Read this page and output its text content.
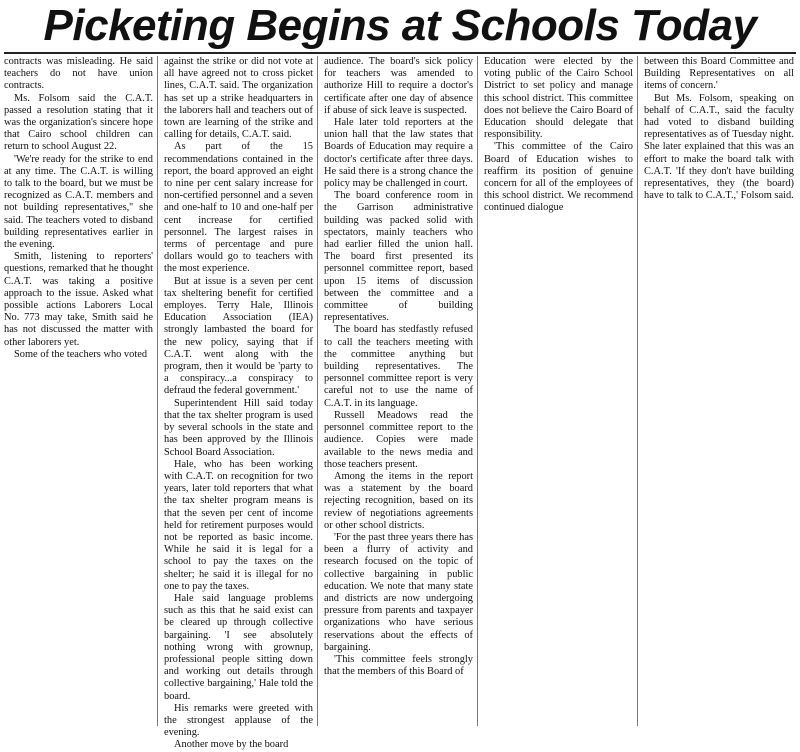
Picketing Begins at Schools Today

contracts was misleading. He said teachers do not have union contracts.

Ms. Folsom said the C.A.T. passed a resolution stating that it was the organization's sincere hope that Cairo school children can return to school August 22.

'We're ready for the strike to end at any time. The C.A.T. is willing to talk to the board, but we must be recognized as C.A.T. members and not building representatives,'' she said. The teachers voted to disband building representatives earlier in the evening.

Smith, listening to reporters' questions, remarked that he thought C.A.T. was taking a positive approach to the issue. Asked what possible actions Laborers Local No. 773 may take, Smith said he has not discussed the matter with other laborers yet.

Some of the teachers who voted

against the strike or did not vote at all have agreed not to cross picket lines, C.A.T. said. The organization has set up a strike headquarters in the laborers hall and teachers out of town are learning of the strike and calling for details, C.A.T. said.

As part of the 15 recommendations contained in the report, the board approved an eight to nine per cent salary increase for non-certified personnel and a seven and one-half to 10 and one-half per cent increase for certified personnel. The largest raises in terms of percentage and pure dollars would go to teachers with the most experience.

But at issue is a seven per cent tax sheltering benefit for certified employes. Terry Hale, Illinois Education Association (IEA) strongly lambasted the board for the new policy, saying that if C.A.T. went along with the program, then it would be 'party to a conspiracy...a conspiracy to defraud the federal government.'

Superintendent Hill said today that the tax shelter program is used by several schools in the state and has been approved by the Illinois School Board Association.

Hale, who has been working with C.A.T. on recognition for two years, later told reporters that what the tax shelter program means is that the seven per cent of income held for retirement purposes would not be reported as basic income. While he said it is legal for a school to pay the taxes on the shelter; he said it is illegal for no one to pay the taxes.

Hale said language problems such as this that he said exist can be cleared up through collective bargaining. 'I see absolutely nothing wrong with grownup, professional people sitting down and working out details through collective bargaining,' Hale told the board.

His remarks were greeted with the strongest applause of the evening.

Another move by the board

audience. The board's sick policy for teachers was amended to authorize Hill to require a doctor's certificate after one day of absence if abuse of sick leave is suspected.

Hale later told reporters at the union hall that the law states that Boards of Education may require a doctor's certificate after three days. He said there is a strong chance the policy may be challenged in court.

The board conference room in the Garrison administrative building was packed solid with spectators, mainly teachers who had earlier filled the union hall. The board first presented its personnel committee report, based upon 15 items of discussion between the committee and a committee of building representatives.

The board has stedfastly refused to call the teachers meeting with the committee anything but building representatives. The personnel committee report is very careful not to use the name of C.A.T. in its language.

Russell Meadows read the personnel committee report to the audience. Copies were made available to the news media and those teachers present.

Among the items in the report was a statement by the board rejecting recognition, based on its review of negotiations agreements or other school districts.

'For the past three years there has been a flurry of activity and research focused on the topic of collective bargaining in public education. We note that many state and districts are now undergoing pressure from parents and taxpayer organizations who have serious reservations about the effects of bargaining.

'This committee feels strongly that the members of this Board of

Education were elected by the voting public of the Cairo School District to set policy and manage this school district. This committee does not believe the Cairo Board of Education should delegate that responsibility.

'This committee of the Cairo Board of Education wishes to reaffirm its position of genuine concern for all of the employees of this school district. We recommend continued dialogue

between this Board Committee and Building Representatives on all items of concern.'

But Ms. Folsom, speaking on behalf of C.A.T., said the faculty had voted to disband building representatives as of Tuesday night. She later explained that this was an effort to make the board talk with C.A.T. 'If they don't have building representatives, they (the board) have to talk to C.A.T.,' Folsom said.
